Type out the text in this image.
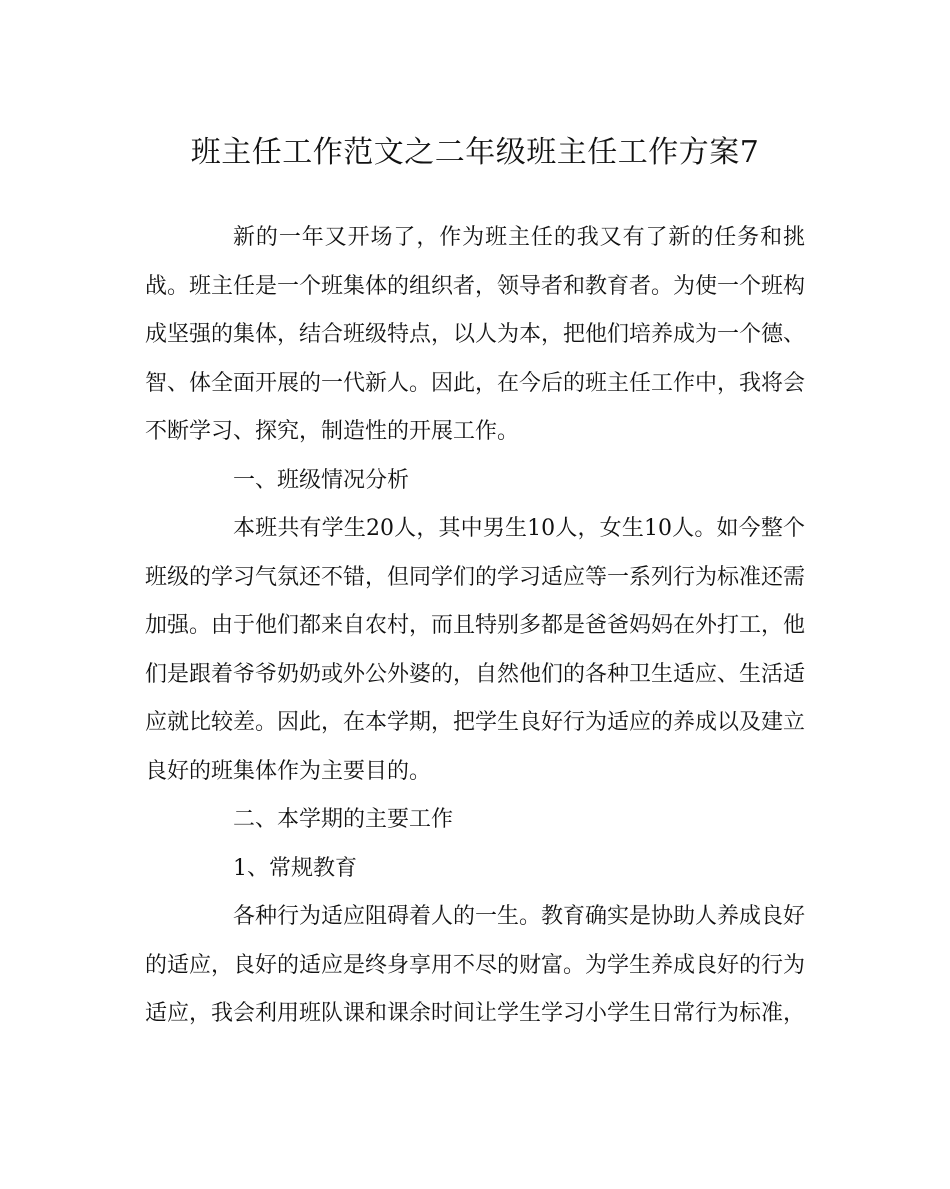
班主任工作范文之二年级班主任工作方案7
新的一年又开场了，作为班主任的我又有了新的任务和挑
战。班主任是一个班集体的组织者，领导者和教育者。为使一个班构
成坚强的集体，结合班级特点，以人为本，把他们培养成为一个德、
智、体全面开展的一代新人。因此，在今后的班主任工作中，我将会
不断学习、探究，制造性的开展工作。
一、班级情况分析
本班共有学生20人，其中男生10人，女生10人。如今整个
班级的学习气氛还不错，但同学们的学习适应等一系列行为标准还需
加强。由于他们都来自农村，而且特别多都是爸爸妈妈在外打工，他
们是跟着爷爷奶奶或外公外婆的，自然他们的各种卫生适应、生活适
应就比较差。因此，在本学期，把学生良好行为适应的养成以及建立
良好的班集体作为主要目的。
二、本学期的主要工作
1、常规教育
各种行为适应阻碍着人的一生。教育确实是协助人养成良好
的适应，良好的适应是终身享用不尽的财富。为学生养成良好的行为
适应，我会利用班队课和课余时间让学生学习小学生日常行为标准，
